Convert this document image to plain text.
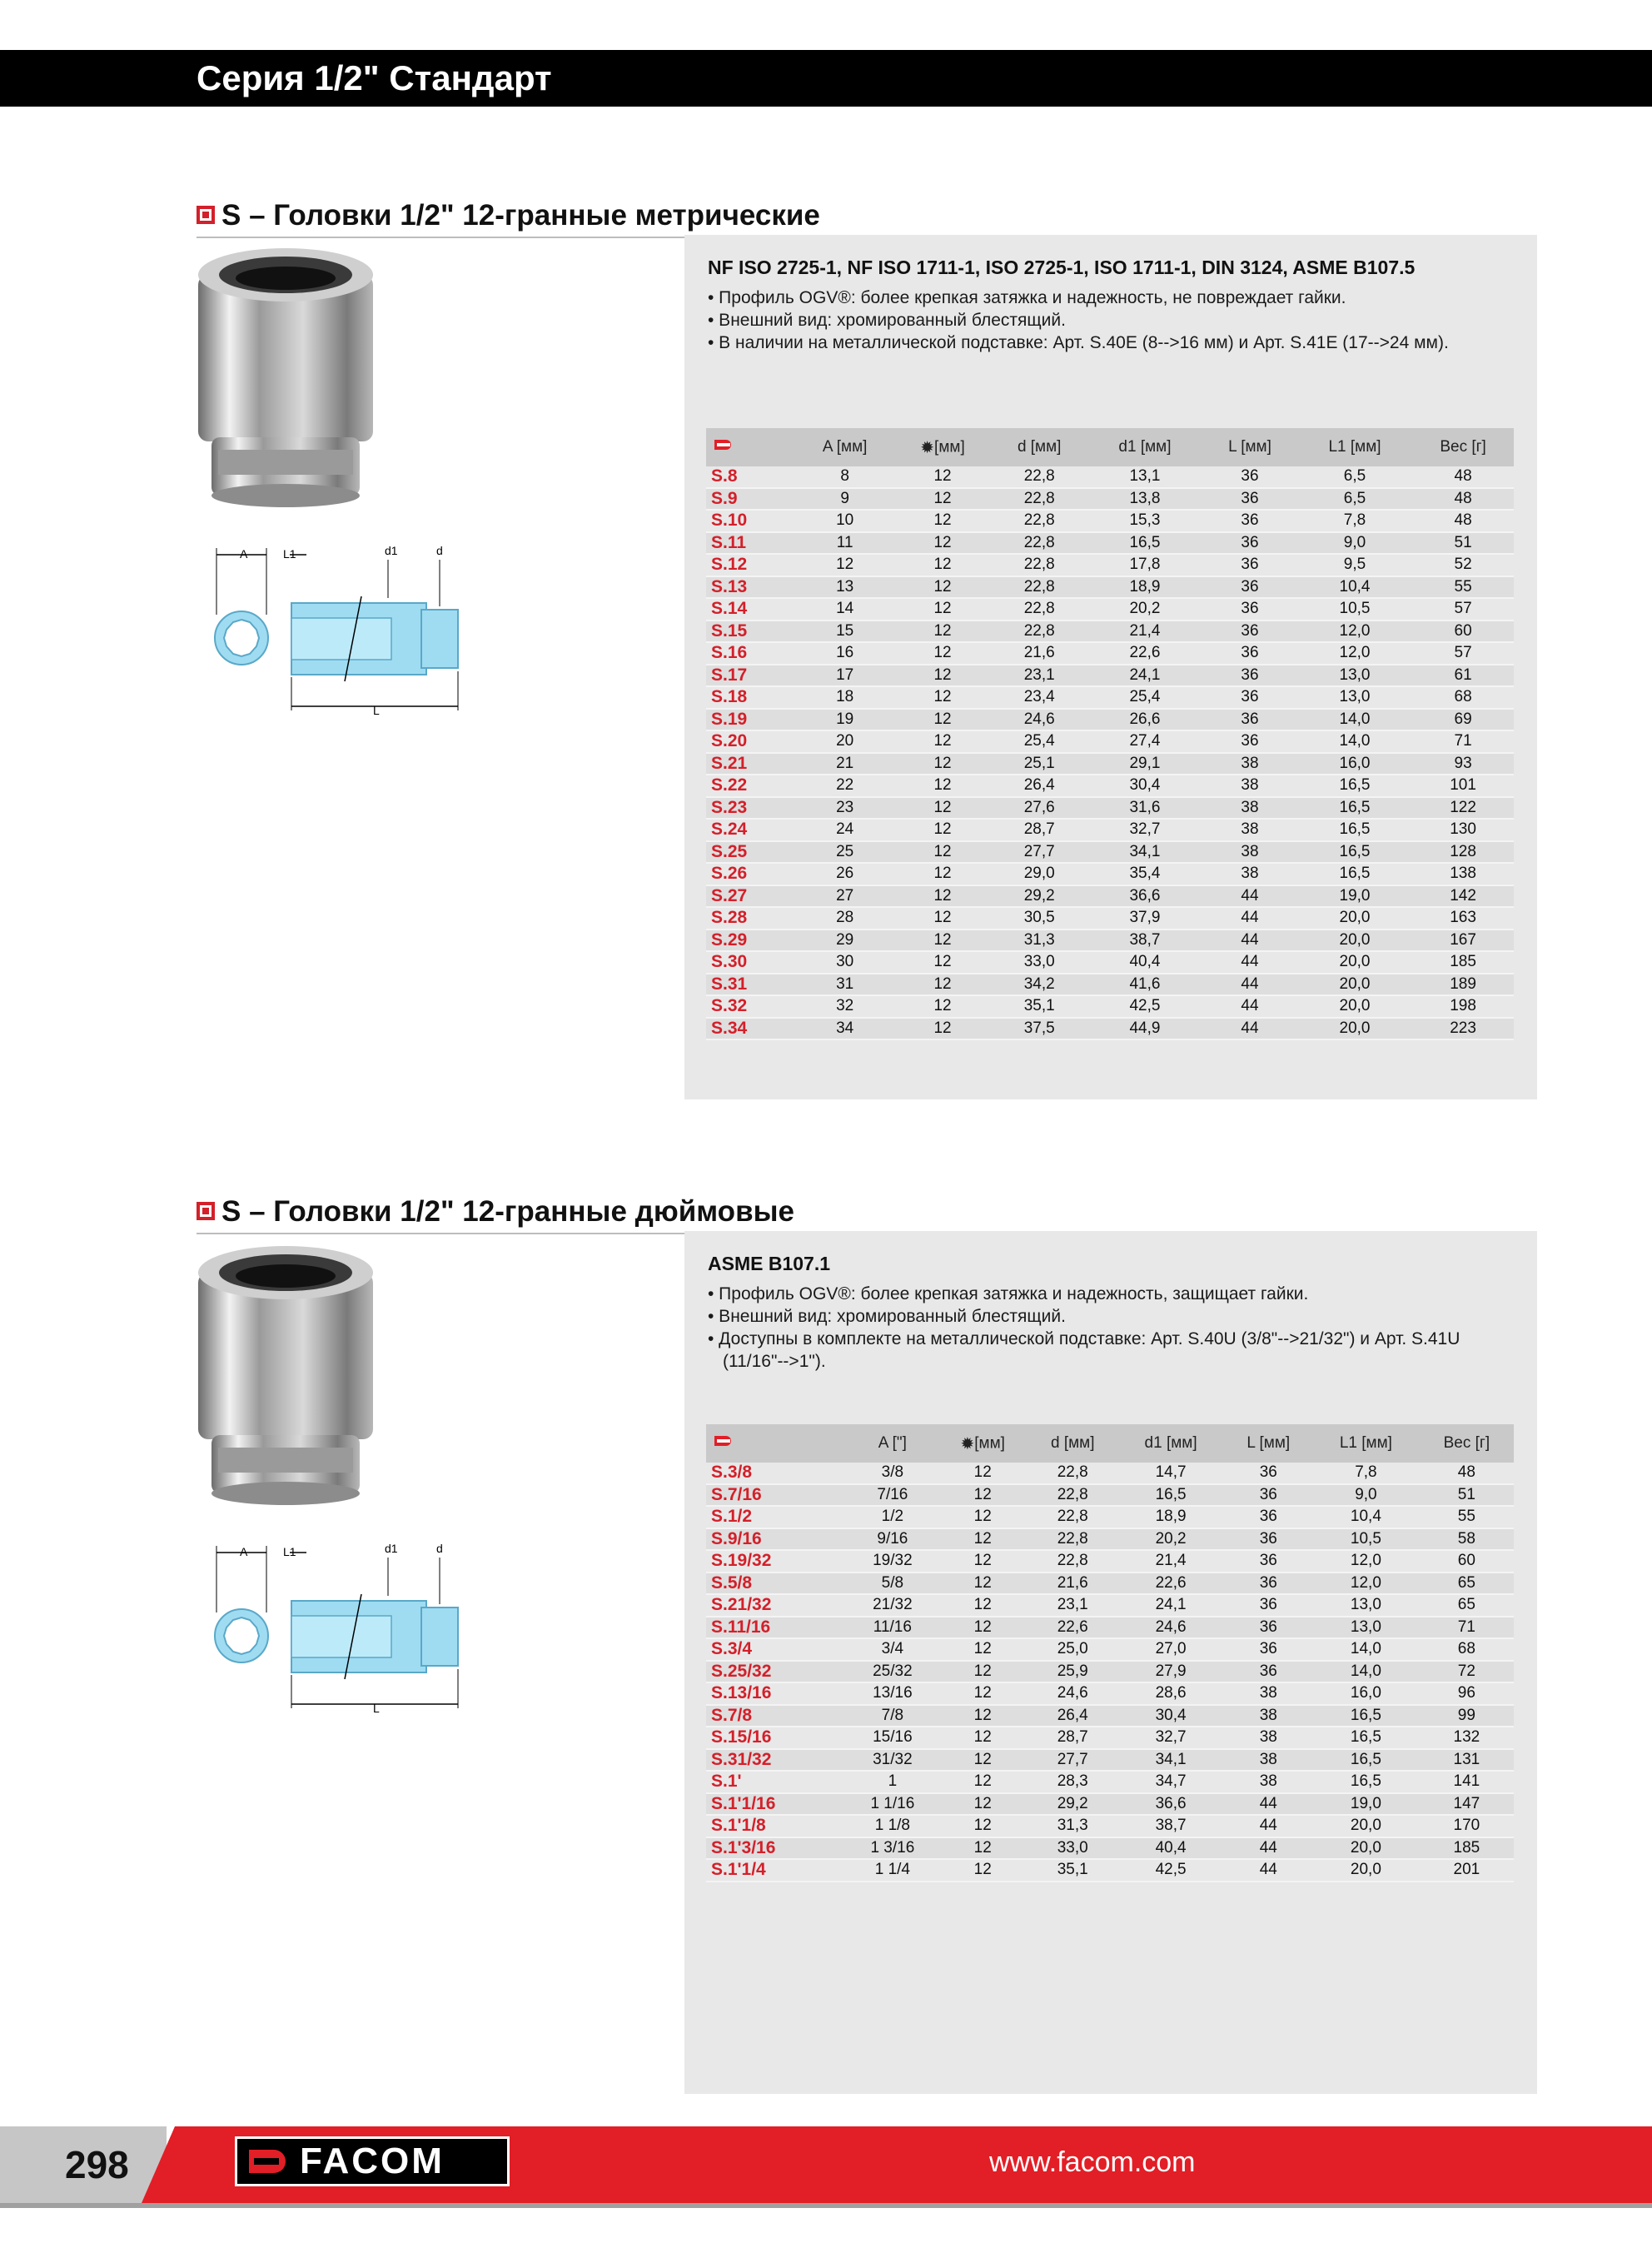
Серия 1/2" Стандарт
S – Головки 1/2" 12-гранные метрические
A	L1	d1	d
L
NF ISO 2725-1, NF ISO 1711-1, ISO 2725-1, ISO 1711-1, DIN 3124, ASME B107.5
• Профиль OGV®: более крепкая затяжка и надежность, не повреждает гайки.
• Внешний вид: хромированный блестящий.
• В наличии на металлической подставке: Арт. S.40E (8-->16 мм) и Арт. S.41E (17-->24 мм).
	A [мм]	✹[мм]	d [мм]	d1 [мм]	L [мм]	L1 [мм]	Вес [г]
S.8	8	12	22,8	13,1	36	6,5	48
S.9	9	12	22,8	13,8	36	6,5	48
S.10	10	12	22,8	15,3	36	7,8	48
S.11	11	12	22,8	16,5	36	9,0	51
S.12	12	12	22,8	17,8	36	9,5	52
S.13	13	12	22,8	18,9	36	10,4	55
S.14	14	12	22,8	20,2	36	10,5	57
S.15	15	12	22,8	21,4	36	12,0	60
S.16	16	12	21,6	22,6	36	12,0	57
S.17	17	12	23,1	24,1	36	13,0	61
S.18	18	12	23,4	25,4	36	13,0	68
S.19	19	12	24,6	26,6	36	14,0	69
S.20	20	12	25,4	27,4	36	14,0	71
S.21	21	12	25,1	29,1	38	16,0	93
S.22	22	12	26,4	30,4	38	16,5	101
S.23	23	12	27,6	31,6	38	16,5	122
S.24	24	12	28,7	32,7	38	16,5	130
S.25	25	12	27,7	34,1	38	16,5	128
S.26	26	12	29,0	35,4	38	16,5	138
S.27	27	12	29,2	36,6	44	19,0	142
S.28	28	12	30,5	37,9	44	20,0	163
S.29	29	12	31,3	38,7	44	20,0	167
S.30	30	12	33,0	40,4	44	20,0	185
S.31	31	12	34,2	41,6	44	20,0	189
S.32	32	12	35,1	42,5	44	20,0	198
S.34	34	12	37,5	44,9	44	20,0	223
S – Головки 1/2" 12-гранные дюймовые
A	L1	d1	d
L
ASME B107.1
• Профиль OGV®: более крепкая затяжка и надежность, защищает гайки.
• Внешний вид: хромированный блестящий.
• Доступны в комплекте на металлической подставке: Арт. S.40U (3/8"-->21/32") и Арт. S.41U (11/16"-->1").
	A ["]	✹[мм]	d [мм]	d1 [мм]	L [мм]	L1 [мм]	Вес [г]
S.3/8	3/8	12	22,8	14,7	36	7,8	48
S.7/16	7/16	12	22,8	16,5	36	9,0	51
S.1/2	1/2	12	22,8	18,9	36	10,4	55
S.9/16	9/16	12	22,8	20,2	36	10,5	58
S.19/32	19/32	12	22,8	21,4	36	12,0	60
S.5/8	5/8	12	21,6	22,6	36	12,0	65
S.21/32	21/32	12	23,1	24,1	36	13,0	65
S.11/16	11/16	12	22,6	24,6	36	13,0	71
S.3/4	3/4	12	25,0	27,0	36	14,0	68
S.25/32	25/32	12	25,9	27,9	36	14,0	72
S.13/16	13/16	12	24,6	28,6	38	16,0	96
S.7/8	7/8	12	26,4	30,4	38	16,5	99
S.15/16	15/16	12	28,7	32,7	38	16,5	132
S.31/32	31/32	12	27,7	34,1	38	16,5	131
S.1'	1	12	28,3	34,7	38	16,5	141
S.1'1/16	1 1/16	12	29,2	36,6	44	19,0	147
S.1'1/8	1 1/8	12	31,3	38,7	44	20,0	170
S.1'3/16	1 3/16	12	33,0	40,4	44	20,0	185
S.1'1/4	1 1/4	12	35,1	42,5	44	20,0	201
298	FACOM	www.facom.com
